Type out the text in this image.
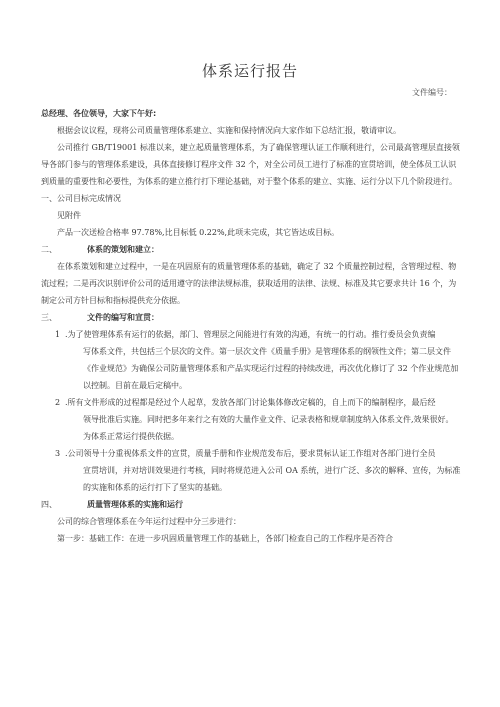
体系运行报告
文件编号：

总经理、各位领导，大家下午好:

根据会议议程，现将公司质量管理体系建立、实施和保持情况向大家作如下总结汇报，敬请审议。

公司推行 GB/T19001 标准以来，建立起质量管理体系，为了确保管理认证工作顺利进行，公司最高管理层直接领导各部门参与的管理体系建设，具体直接修订程序文件 32 个，对全公司员工进行了标准的宣贯培训，使全体员工认识到质量的重要性和必要性，为体系的建立推行打下理论基础，对于整个体系的建立、实施、运行分以下几个阶段进行。

一、公司目标完成情况

见附件

产品一次送检合格率 97.78%,比目标低 0.22%,此项未完成，其它皆达成目标。

二、	体系的策划和建立：

在体系策划和建立过程中，一是在巩固原有的质量管理体系的基础，确定了 32 个质量控制过程，含管理过程、物流过程；二是再次识别评价公司的适用遵守的法律法规标准，获取适用的法律、法规、标准及其它要求共计 16 个，为制定公司方针目标和指标提供充分依据。

三、	文件的编写和宣贯：
1 .为了使管理体系有运行的依据，部门、管理层之间能进行有效的沟通，有统一的行动。推行委员会负责编
写体系文件，共包括三个层次的文件。第一层次文件《质量手册》是管理体系的纲领性文件；第二层文件《作业规范》为确保公司防量管理体系和产品实现运行过程的持续改进，再次优化修订了 32 个作业规范加以控制。目前在最后定稿中。
2 .所有文件形成的过程都是经过个人起草，发放各部门讨论集体修改定稿的，自上而下的编制程序，最后经
领导批准后实施。同时把多年来行之有效的大量作业文件、记录表格和规章制度纳入体系文件,效果很好。为体系正常运行提供依据。
3 .公司领导十分重视体系文件的宣贯，质量手册和作业规范发布后，要求贯标认证工作组对各部门进行全员
宣贯培训，并对培训效果进行考核，同时将规范进入公司 OA 系统，进行广泛、多次的解释、宣传，为标准的实施和体系的运行打下了坚实的基础。
四、	质量管理体系的实施和运行

公司的综合管理体系在今年运行过程中分三步进行：

第一步：基础工作：在进一步巩固质量管理工作的基础上，各部门检查自己的工作程序是否符合
